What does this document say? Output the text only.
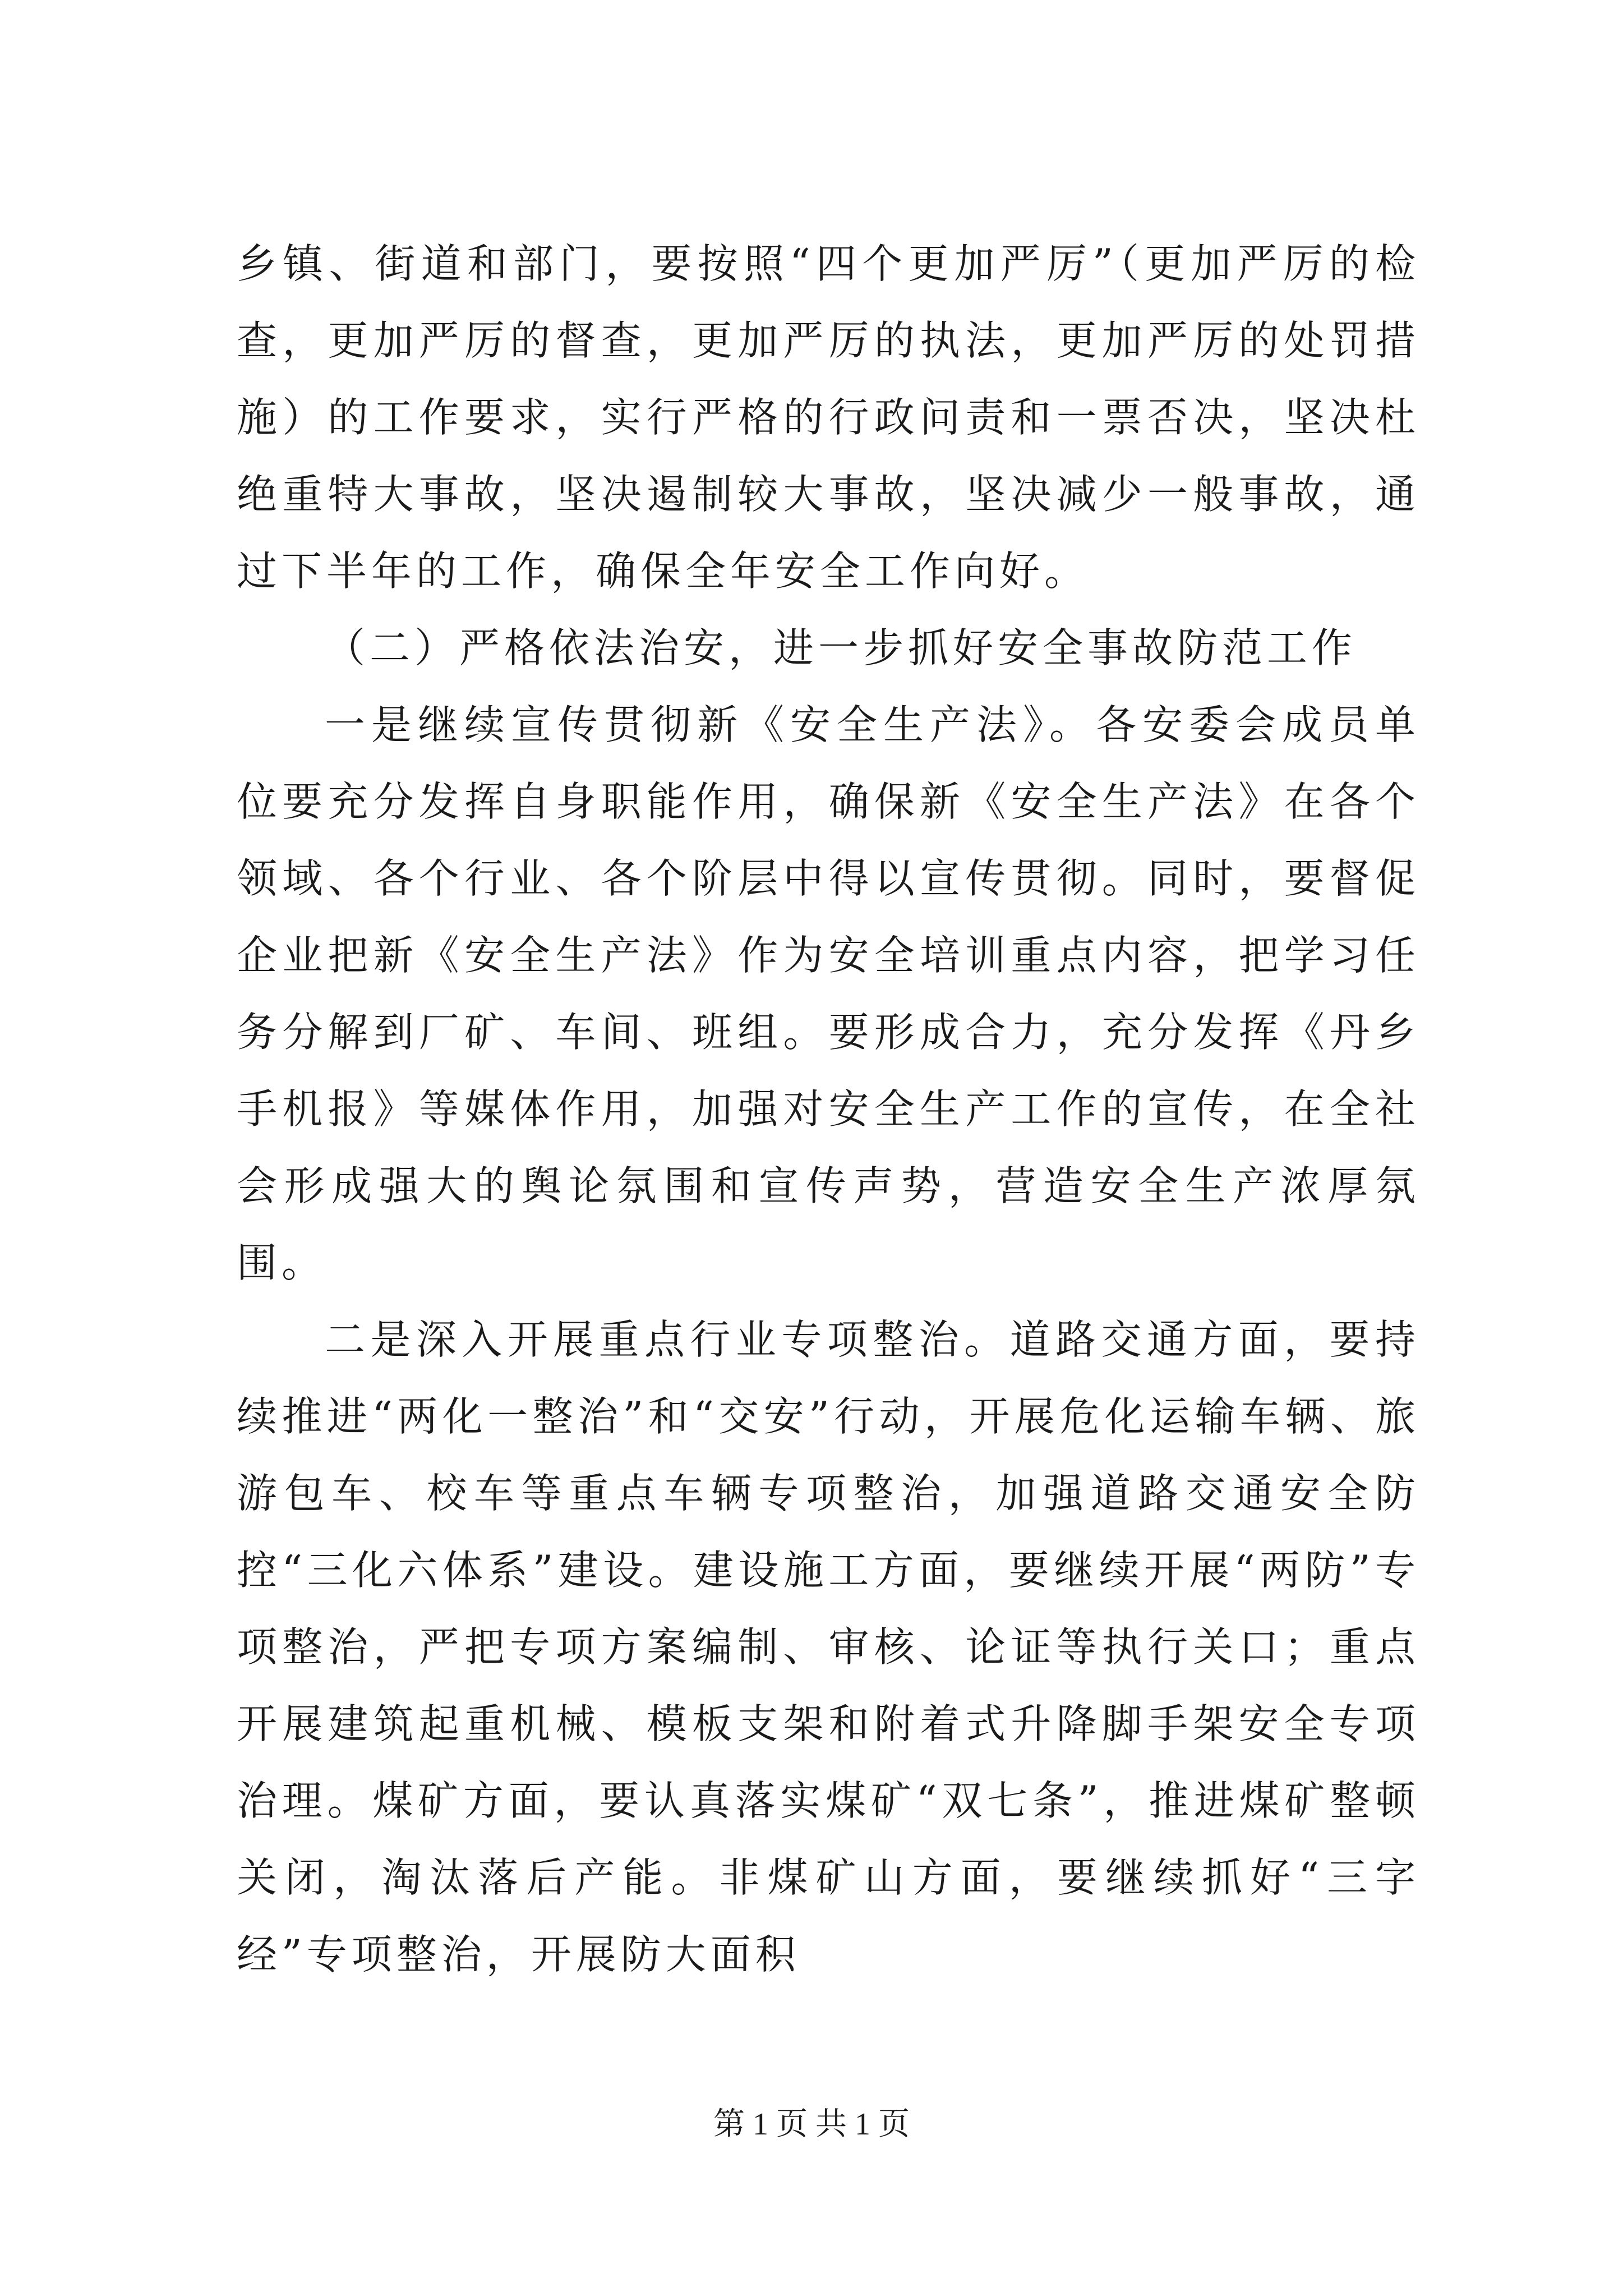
乡镇、街道和部门，要按照“四个更加严厉”（更加严厉的检查，更加严厉的督查，更加严厉的执法，更加严厉的处罚措施）的工作要求，实行严格的行政问责和一票否决，坚决杜绝重特大事故，坚决遏制较大事故，坚决减少一般事故，通过下半年的工作，确保全年安全工作向好。

（二）严格依法治安，进一步抓好安全事故防范工作

一是继续宣传贯彻新《安全生产法》。各安委会成员单位要充分发挥自身职能作用，确保新《安全生产法》在各个领域、各个行业、各个阶层中得以宣传贯彻。同时，要督促企业把新《安全生产法》作为安全培训重点内容，把学习任务分解到厂矿、车间、班组。要形成合力，充分发挥《丹乡手机报》等媒体作用，加强对安全生产工作的宣传，在全社会形成强大的舆论氛围和宣传声势，营造安全生产浓厚氛围。

二是深入开展重点行业专项整治。道路交通方面，要持续推进“两化一整治”和“交安”行动，开展危化运输车辆、旅游包车、校车等重点车辆专项整治，加强道路交通安全防控“三化六体系”建设。建设施工方面，要继续开展“两防”专项整治，严把专项方案编制、审核、论证等执行关口；重点开展建筑起重机械、模板支架和附着式升降脚手架安全专项治理。煤矿方面，要认真落实煤矿“双七条”，推进煤矿整顿关闭，淘汰落后产能。非煤矿山方面，要继续抓好“三字经”专项整治，开展防大面积

第 1 页 共 1 页
